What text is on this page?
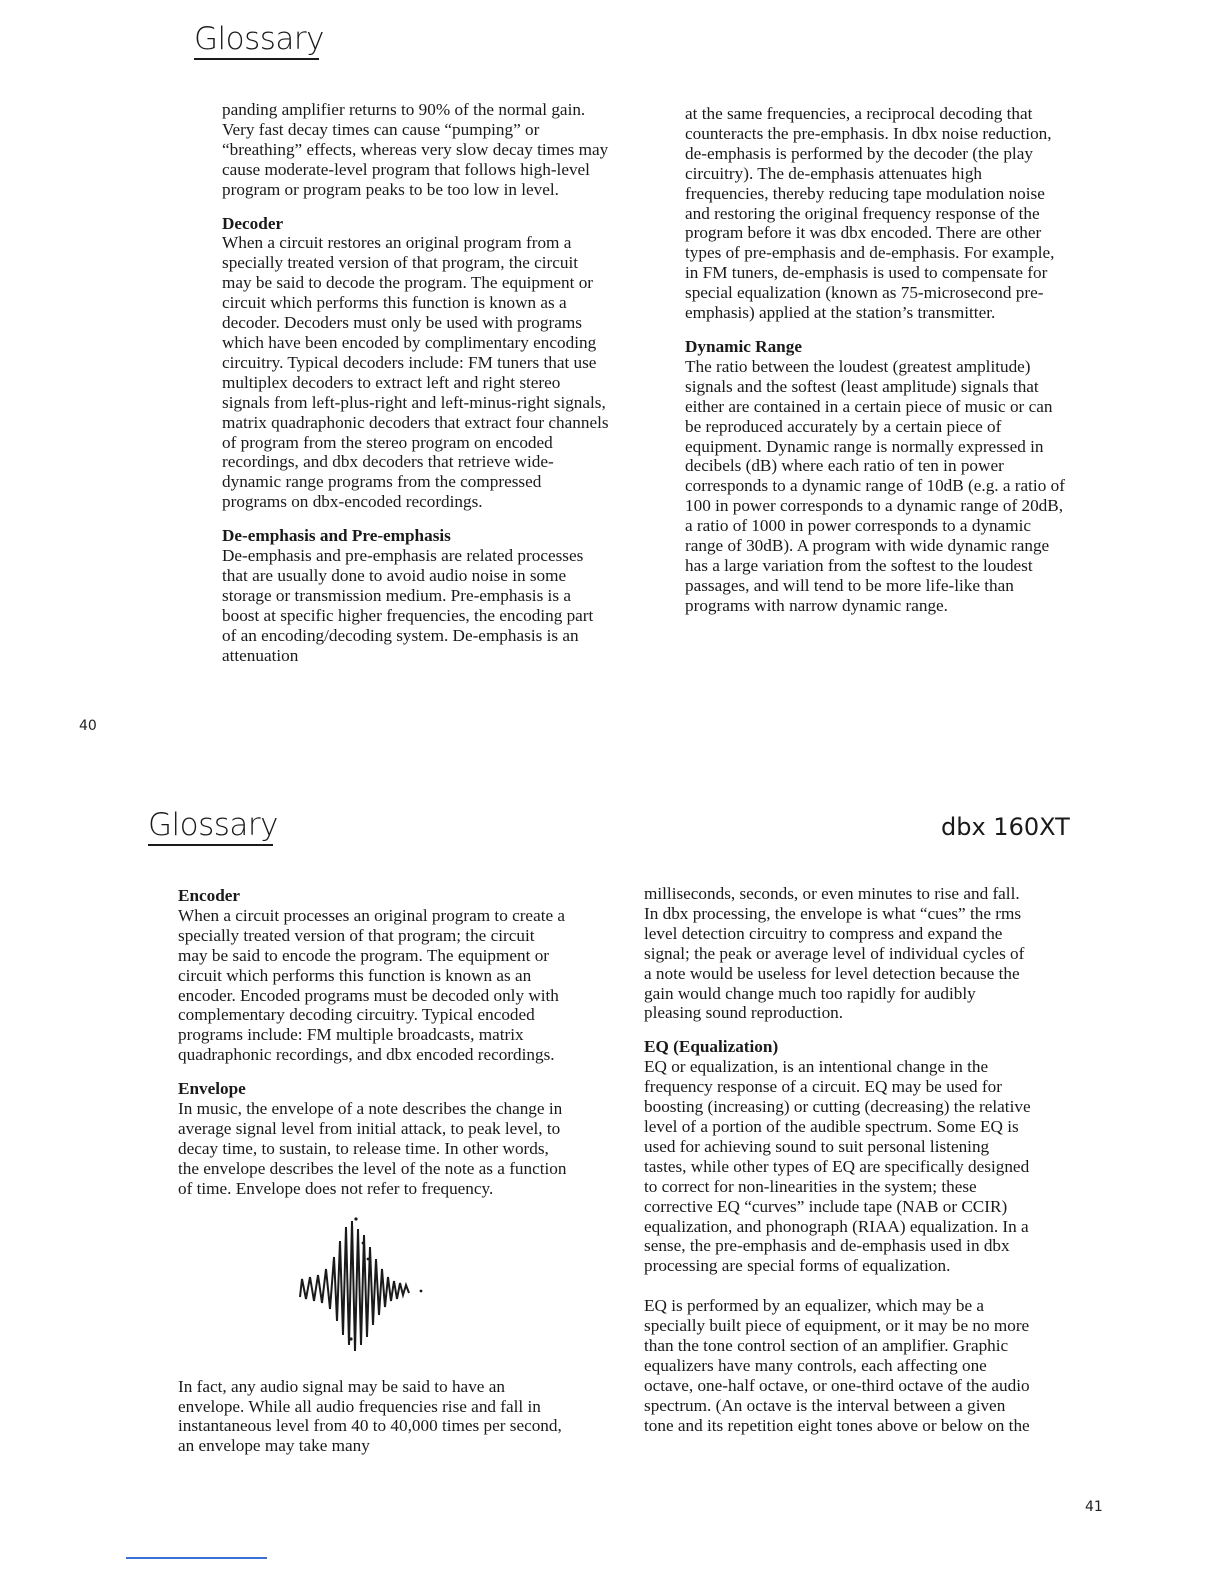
Glossary

panding amplifier returns to 90% of the normal gain. Very fast decay times can cause “pumping” or “breathing” effects, whereas very slow decay times may cause moderate-level program that follows high-level program or program peaks to be too low in level.

Decoder

When a circuit restores an original program from a specially treated version of that program, the circuit may be said to decode the program. The equipment or circuit which performs this function is known as a decoder. Decoders must only be used with programs which have been encoded by complimentary encoding circuitry. Typical decoders include: FM tuners that use multiplex decoders to extract left and right stereo signals from left-plus-right and left-minus-right signals, matrix quadraphonic decoders that extract four channels of program from the stereo program on encoded recordings, and dbx decoders that retrieve wide-dynamic range programs from the compressed programs on dbx-encoded recordings.

De-emphasis and Pre-emphasis

De-emphasis and pre-emphasis are related processes that are usually done to avoid audio noise in some storage or transmission medium. Pre-emphasis is a boost at specific higher frequencies, the encoding part of an encoding/decoding system. De-emphasis is an attenuation

at the same frequencies, a reciprocal decoding that counteracts the pre-emphasis. In dbx noise reduction, de-emphasis is performed by the decoder (the play circuitry). The de-emphasis attenuates high frequencies, thereby reducing tape modulation noise and restoring the original frequency response of the program before it was dbx encoded. There are other types of pre-emphasis and de-emphasis. For example, in FM tuners, de-emphasis is used to compensate for special equalization (known as 75-microsecond pre-emphasis) applied at the station’s transmitter.

Dynamic Range

The ratio between the loudest (greatest amplitude) signals and the softest (least amplitude) signals that either are contained in a certain piece of music or can be reproduced accurately by a certain piece of equipment. Dynamic range is normally expressed in decibels (dB) where each ratio of ten in power corresponds to a dynamic range of 10dB (e.g. a ratio of 100 in power corresponds to a dynamic range of 20dB, a ratio of 1000 in power corresponds to a dynamic range of 30dB). A program with wide dynamic range has a large variation from the softest to the loudest passages, and will tend to be more life-like than programs with narrow dynamic range.

40
Glossary	dbx 160XT

Encoder

When a circuit processes an original program to create a specially treated version of that program; the circuit may be said to encode the program. The equipment or circuit which performs this function is known as an encoder. Encoded programs must be decoded only with complementary decoding circuitry. Typical encoded programs include: FM multiple broadcasts, matrix quadraphonic recordings, and dbx encoded recordings.

Envelope

In music, the envelope of a note describes the change in average signal level from initial attack, to peak level, to decay time, to sustain, to release time. In other words, the envelope describes the level of the note as a function of time. Envelope does not refer to frequency.

In fact, any audio signal may be said to have an envelope. While all audio frequencies rise and fall in instantaneous level from 40 to 40,000 times per second, an envelope may take many

milliseconds, seconds, or even minutes to rise and fall. In dbx processing, the envelope is what “cues” the rms level detection circuitry to compress and expand the signal; the peak or average level of individual cycles of a note would be useless for level detection because the gain would change much too rapidly for audibly pleasing sound reproduction.

EQ (Equalization)

EQ or equalization, is an intentional change in the frequency response of a circuit. EQ may be used for boosting (increasing) or cutting (decreasing) the relative level of a portion of the audible spectrum. Some EQ is used for achieving sound to suit personal listening tastes, while other types of EQ are specifically designed to correct for non-linearities in the system; these corrective EQ “curves” include tape (NAB or CCIR) equalization, and phonograph (RIAA) equalization. In a sense, the pre-emphasis and de-emphasis used in dbx processing are special forms of equalization.

EQ is performed by an equalizer, which may be a specially built piece of equipment, or it may be no more than the tone control section of an amplifier. Graphic equalizers have many controls, each affecting one octave, one-half octave, or one-third octave of the audio spectrum. (An octave is the interval between a given tone and its repetition eight tones above or below on the

41
